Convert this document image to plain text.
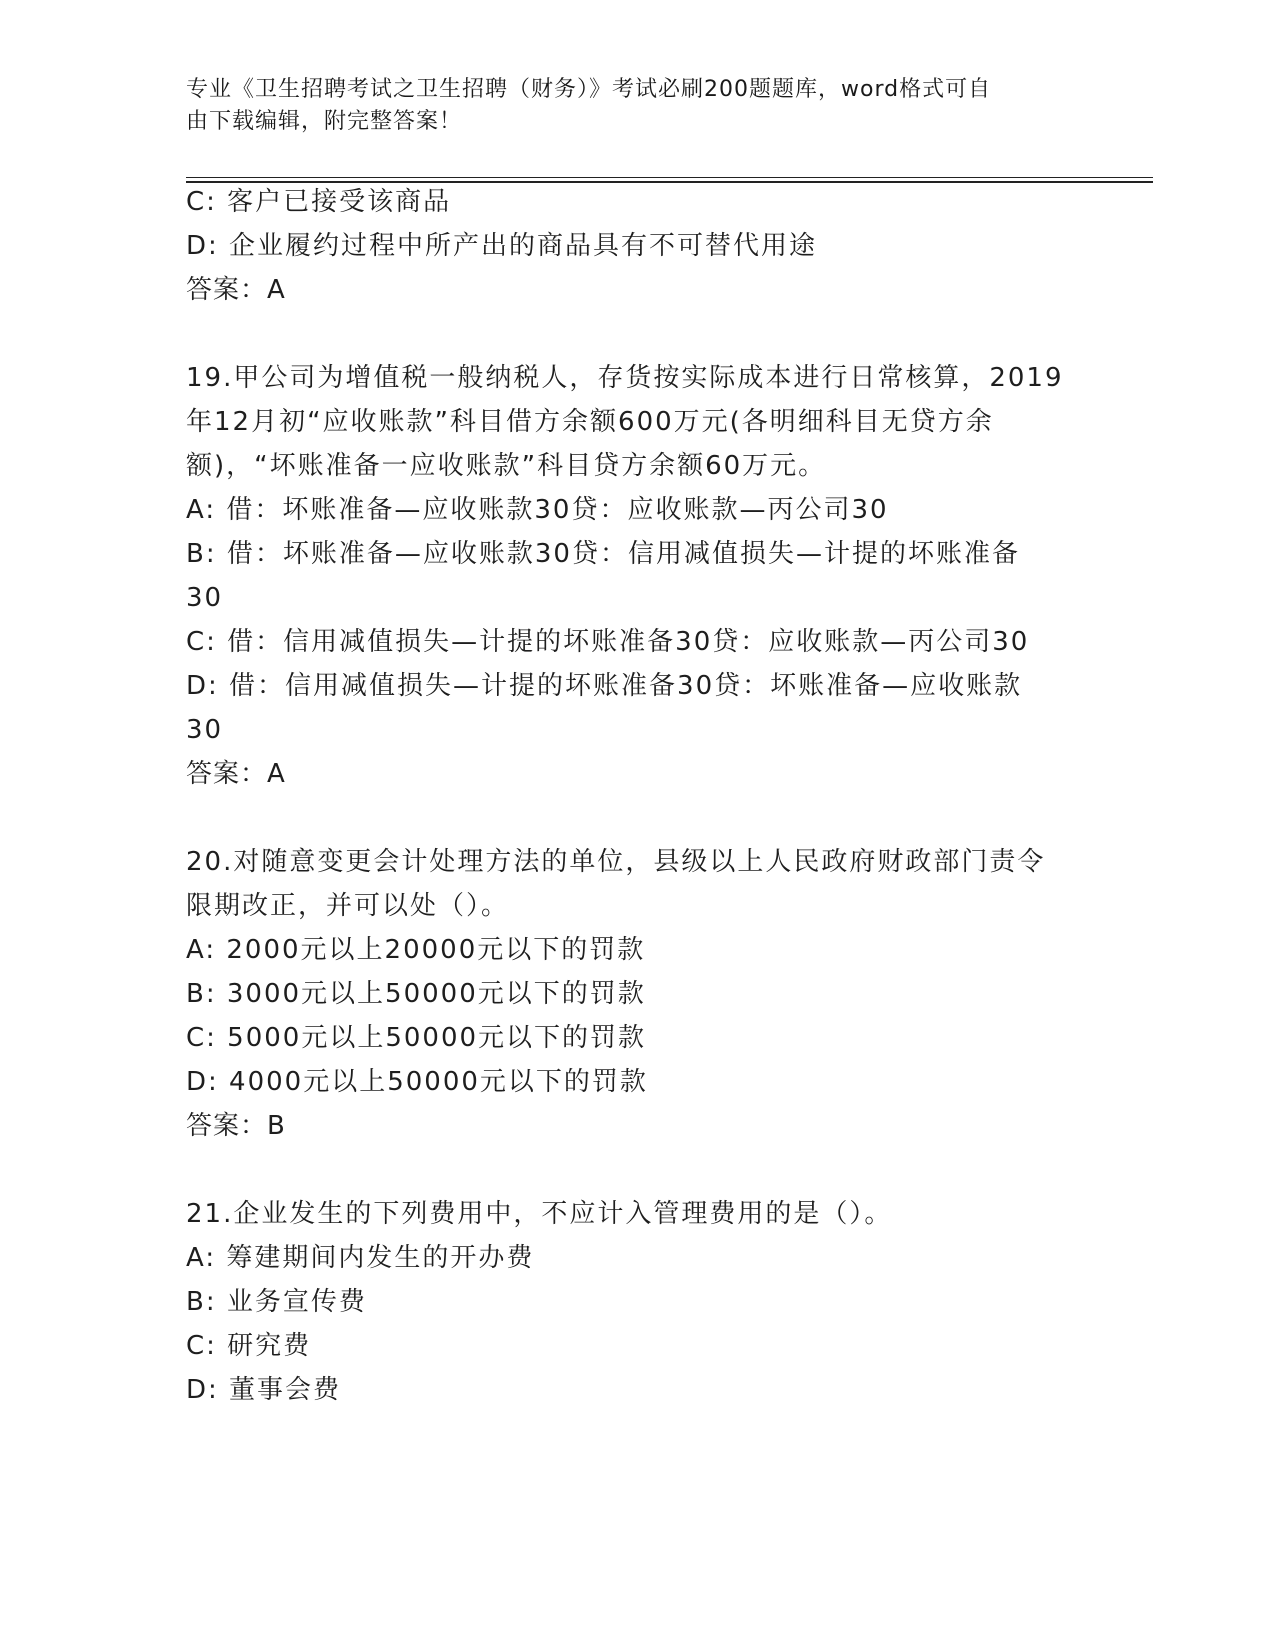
专业《卫生招聘考试之卫生招聘（财务）》考试必刷200题题库，word格式可自
由下载编辑，附完整答案！
C: 客户已接受该商品
D: 企业履约过程中所产出的商品具有不可替代用途
答案：A
19.甲公司为增值税一般纳税人，存货按实际成本进行日常核算，2019
年12月初“应收账款”科目借方余额600万元(各明细科目无贷方余
额)，“坏账准备一应收账款”科目贷方余额60万元。
A: 借：坏账准备—应收账款30贷：应收账款—丙公司30
B: 借：坏账准备—应收账款30贷：信用减值损失—计提的坏账准备
30
C: 借：信用减值损失—计提的坏账准备30贷：应收账款—丙公司30
D: 借：信用减值损失—计提的坏账准备30贷：坏账准备—应收账款
30
答案：A
20.对随意变更会计处理方法的单位，县级以上人民政府财政部门责令
限期改正，并可以处（）。
A: 2000元以上20000元以下的罚款
B: 3000元以上50000元以下的罚款
C: 5000元以上50000元以下的罚款
D: 4000元以上50000元以下的罚款
答案：B
21.企业发生的下列费用中，不应计入管理费用的是（）。
A: 筹建期间内发生的开办费
B: 业务宣传费
C: 研究费
D: 董事会费
